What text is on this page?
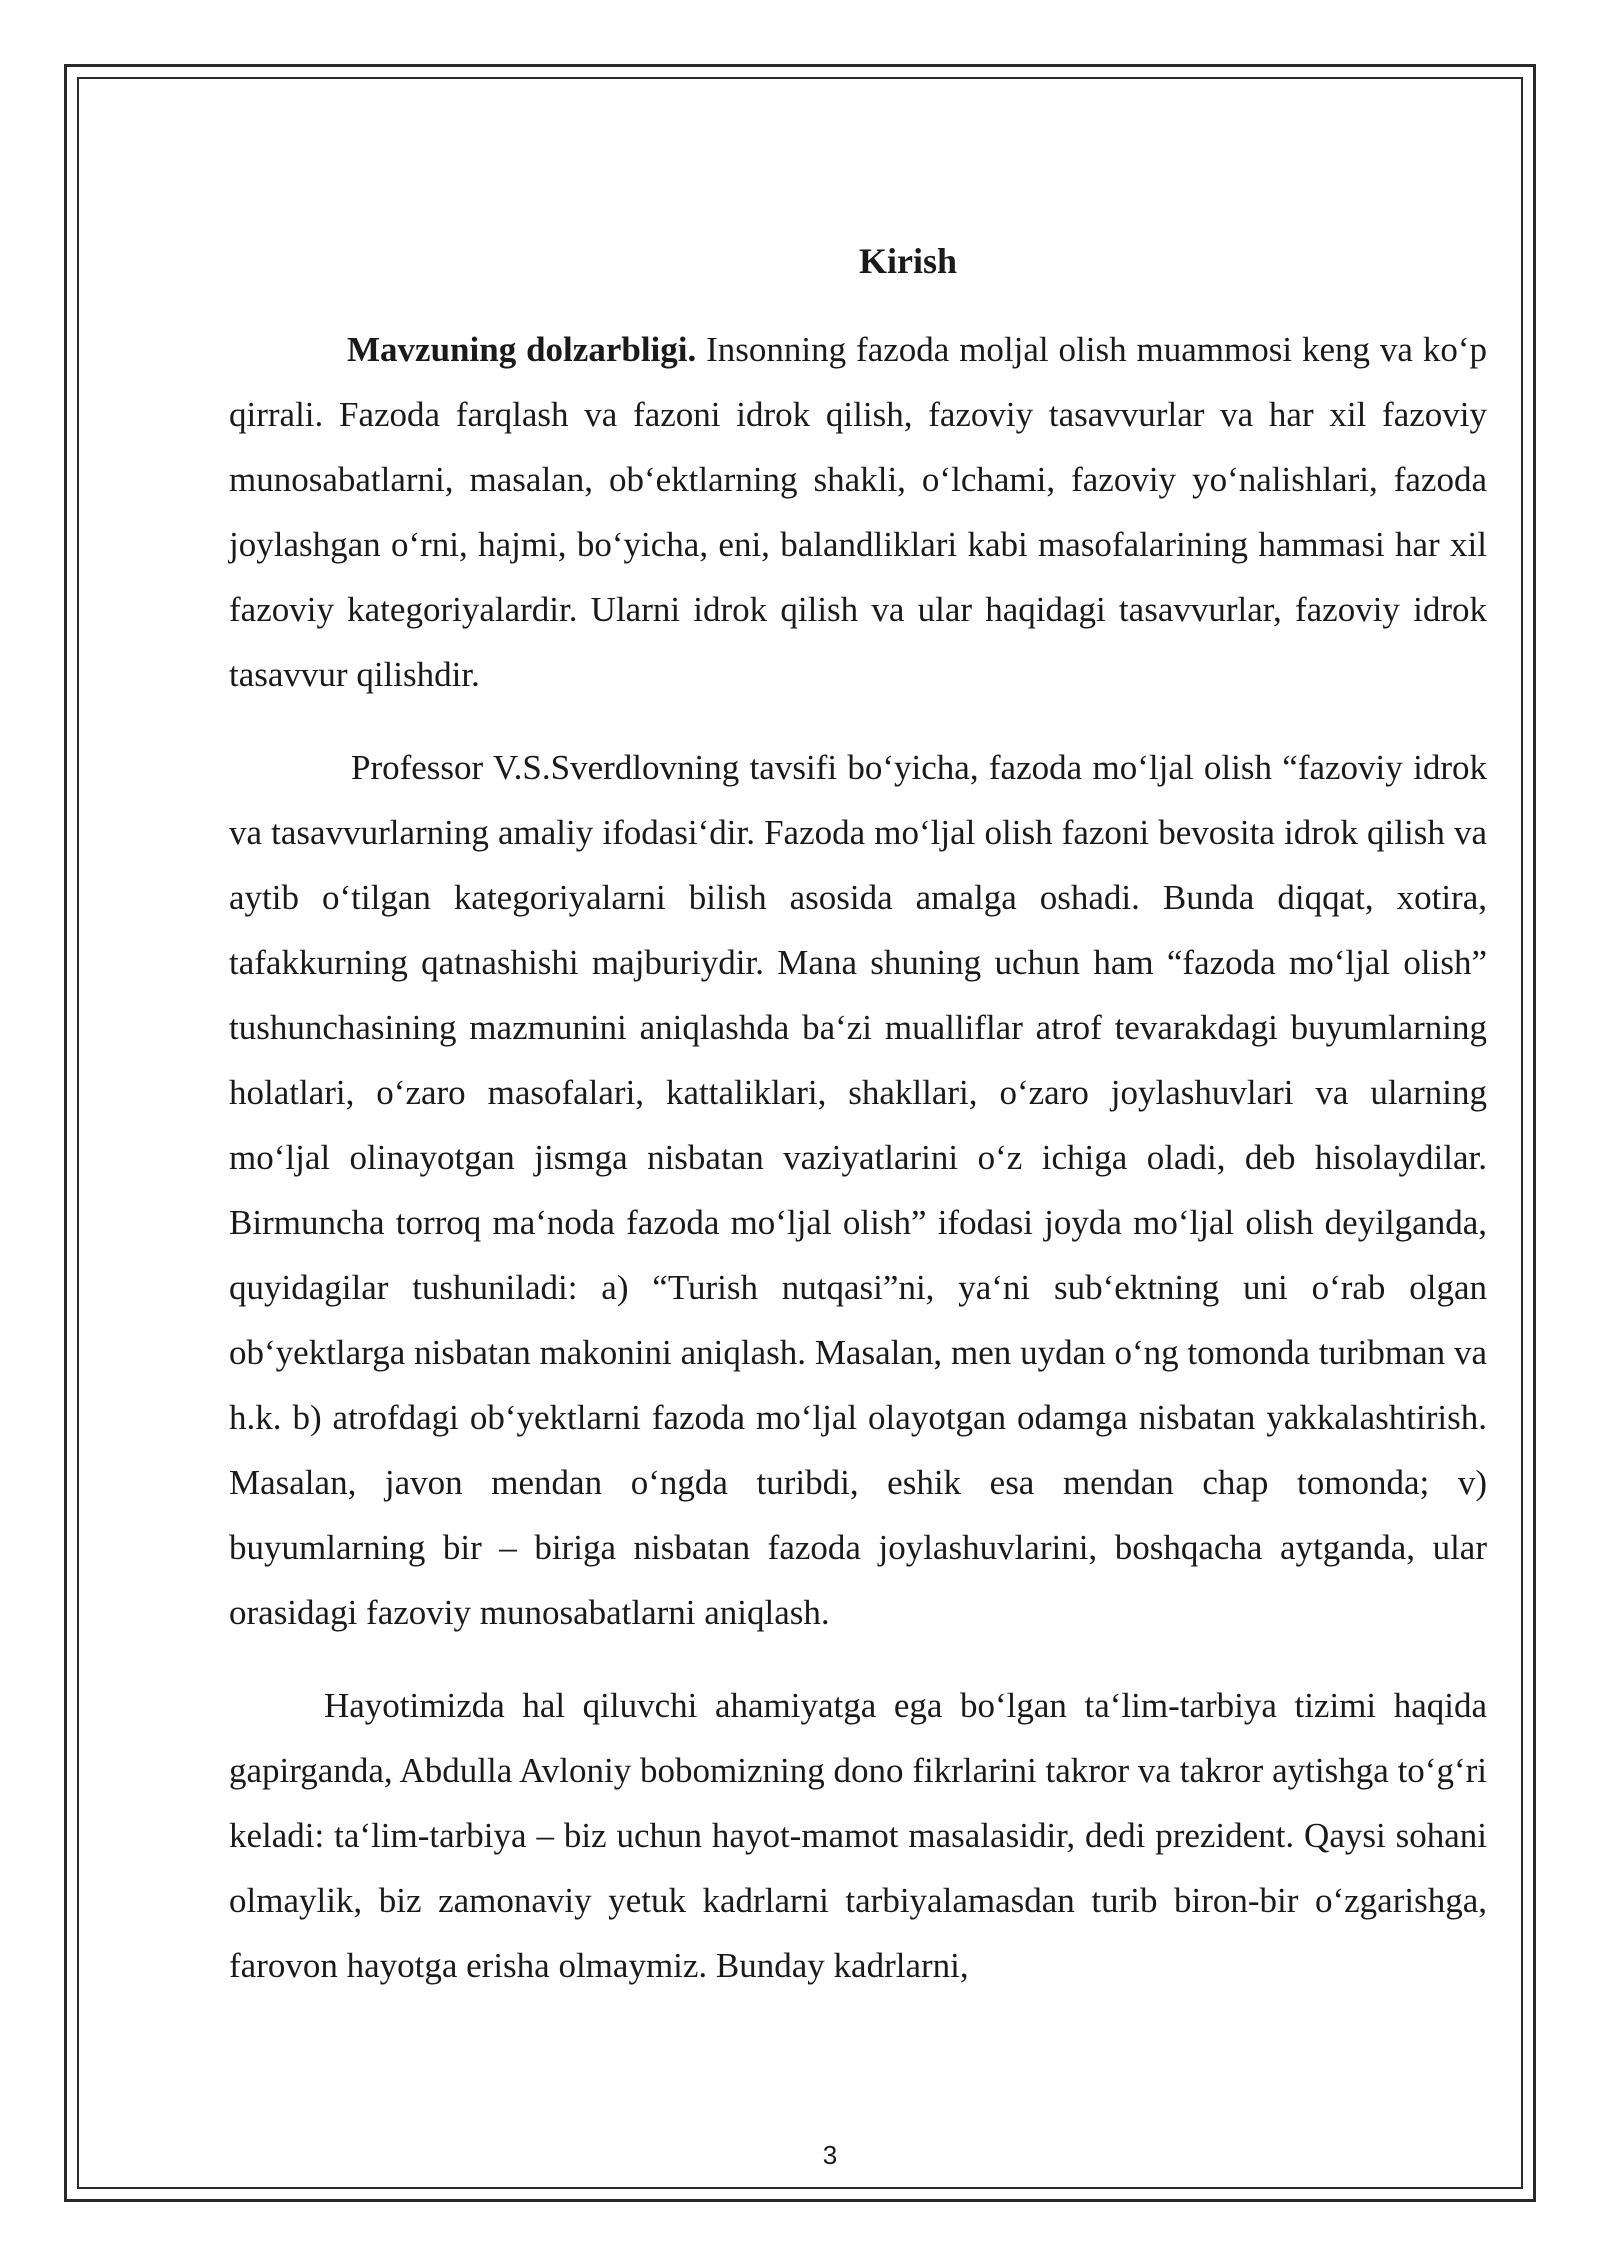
Kirish

Mavzuning dolzarbligi. Insonning fazoda moljal olish muammosi keng va koʻp qirrali. Fazoda farqlash va fazoni idrok qilish, fazoviy tasavvurlar va har xil fazoviy munosabatlarni, masalan, obʻektlarning shakli, oʻlchami, fazoviy yoʻnalishlari, fazoda joylashgan oʻrni, hajmi, boʻyicha, eni, balandliklari kabi masofalarining hammasi har xil fazoviy kategoriyalardir. Ularni idrok qilish va ular haqidagi tasavvurlar, fazoviy idrok tasavvur qilishdir.

Professor V.S.Sverdlovning tavsifi boʻyicha, fazoda moʻljal olish “fazoviy idrok va tasavvurlarning amaliy ifodasiʻdir. Fazoda moʻljal olish fazoni bevosita idrok qilish va aytib oʻtilgan kategoriyalarni bilish asosida amalga oshadi. Bunda diqqat, xotira, tafakkurning qatnashishi majburiydir. Mana shuning uchun ham “fazoda moʻljal olish” tushunchasining mazmunini aniqlashda baʻzi mualliflar atrof tevarakdagi buyumlarning holatlari, oʻzaro masofalari, kattaliklari, shakllari, oʻzaro joylashuvlari va ularning moʻljal olinayotgan jismga nisbatan vaziyatlarini oʻz ichiga oladi, deb hisolaydilar. Birmuncha torroq maʻnoda fazoda moʻljal olish” ifodasi joyda moʻljal olish deyilganda, quyidagilar tushuniladi: a) “Turish nutqasi”ni, yaʻni subʻektning uni oʻrab olgan obʻyektlarga nisbatan makonini aniqlash. Masalan, men uydan oʻng tomonda turibman va h.k. b) atrofdagi obʻyektlarni fazoda moʻljal olayotgan odamga nisbatan yakkalashtirish. Masalan, javon mendan oʻngda turibdi, eshik esa mendan chap tomonda; v) buyumlarning bir – biriga nisbatan fazoda joylashuvlarini, boshqacha aytganda, ular orasidagi fazoviy munosabatlarni aniqlash.

Hayotimizda hal qiluvchi ahamiyatga ega boʻlgan taʻlim-tarbiya tizimi haqida gapirganda, Abdulla Avloniy bobomizning dono fikrlarini takror va takror aytishga toʻgʻri keladi: taʻlim-tarbiya – biz uchun hayot-mamot masalasidir, dedi prezident. Qaysi sohani olmaylik, biz zamonaviy yetuk kadrlarni tarbiyalamasdan turib biron-bir oʻzgarishga, farovon hayotga erisha olmaymiz. Bunday kadrlarni,

3
